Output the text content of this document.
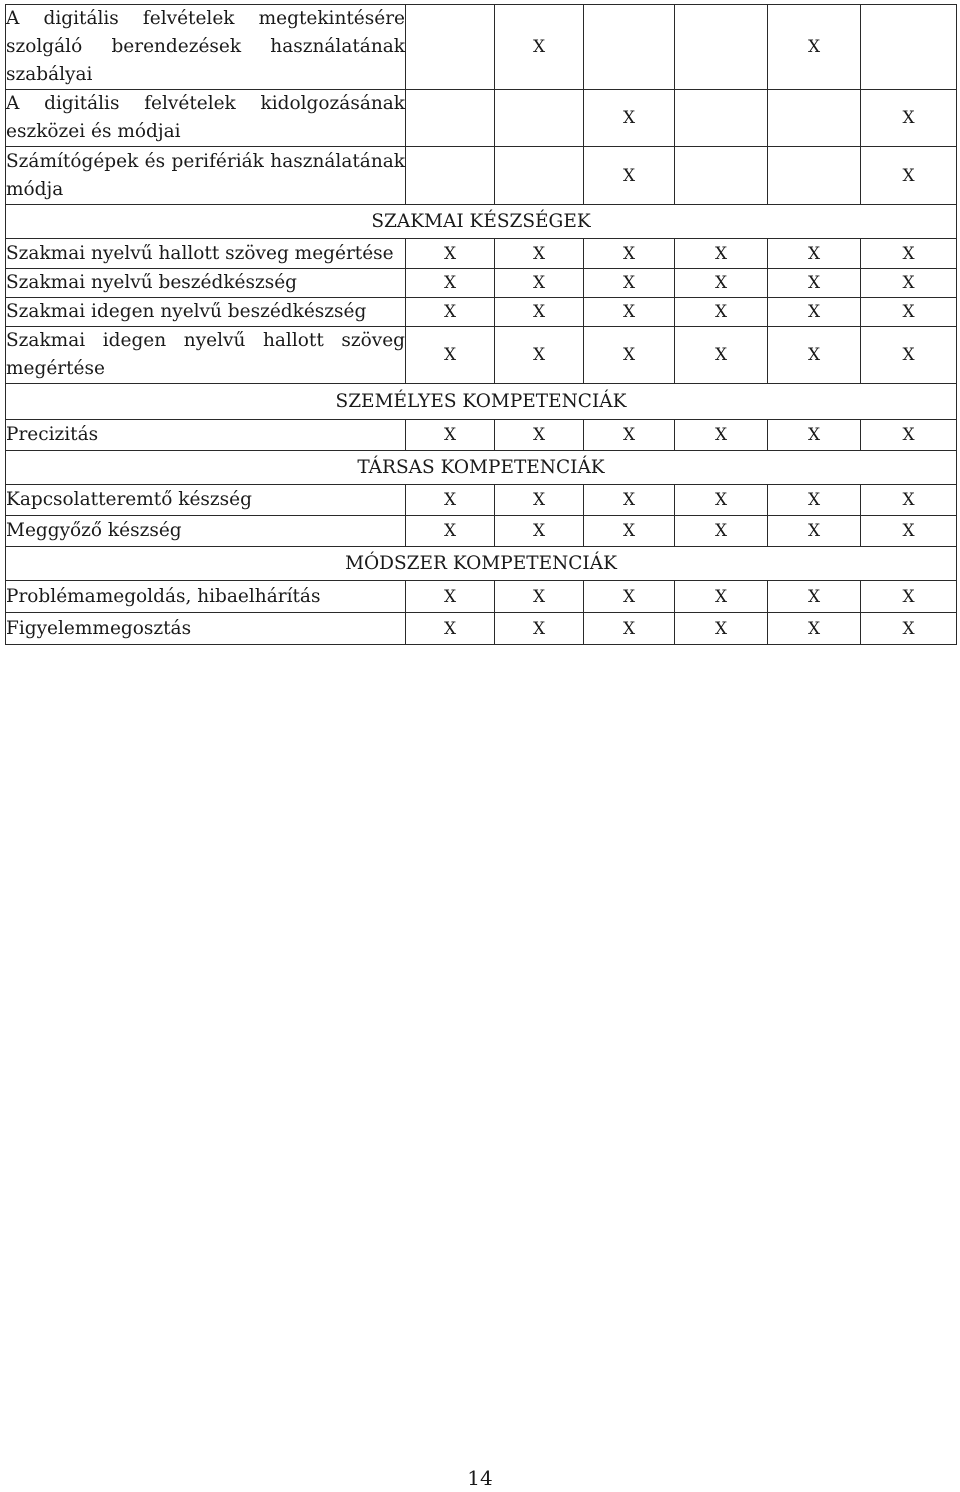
A digitális felvételek megtekintésére szolgáló berendezések használatának szabályai		X			X	
A digitális felvételek kidolgozásának eszközei és módjai			X			X
Számítógépek és perifériák használatának módja			X			X
SZAKMAI KÉSZSÉGEK						
Szakmai nyelvű hallott szöveg megértése	X	X	X	X	X	X
Szakmai nyelvű beszédkészség	X	X	X	X	X	X
Szakmai idegen nyelvű beszédkészség	X	X	X	X	X	X
Szakmai idegen nyelvű hallott szöveg megértése	X	X	X	X	X	X
SZEMÉLYES KOMPETENCIÁK						
Precizitás	X	X	X	X	X	X
TÁRSAS KOMPETENCIÁK						
Kapcsolatteremtő készség	X	X	X	X	X	X
Meggyőző készség	X	X	X	X	X	X
MÓDSZER KOMPETENCIÁK						
Problémamegoldás, hibaelhárítás	X	X	X	X	X	X
Figyelemmegosztás	X	X	X	X	X	X
14
